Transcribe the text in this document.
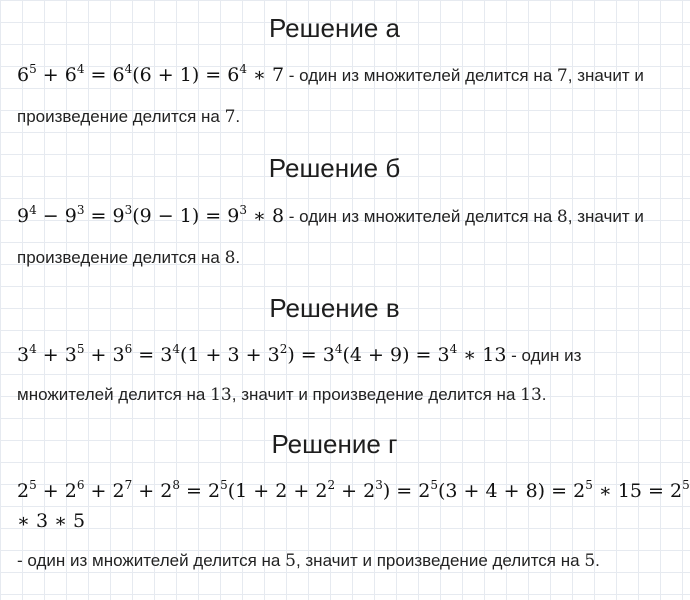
Решение а
$6^5 + 6^4 = 6^4(6 + 1) = 6^4$ ∗ 7 - один из множителей делится на 7, значит и
произведение делится на 7.
Решение б
$9^4 - 9^3 = 9^3(9 - 1) = 9^3$ ∗ 8 - один из множителей делится на 8, значит и
произведение делится на 8.
Решение в
$3^4 + 3^5 + 3^6 = 3^4(1 + 3 + 3^2) = 3^4(4 + 9) = 3^4$ ∗ 13 - один из
множителей делится на 13, значит и произведение делится на 13.
Решение г
$2^5 + 2^6 + 2^7 + 2^8 = 2^5(1 + 2 + 2^2 + 2^3) = 2^5(3 + 4 + 8) = 2^5$ ∗ $15 = 2^5$
∗ 3 ∗ 5
- один из множителей делится на 5, значит и произведение делится на 5.
